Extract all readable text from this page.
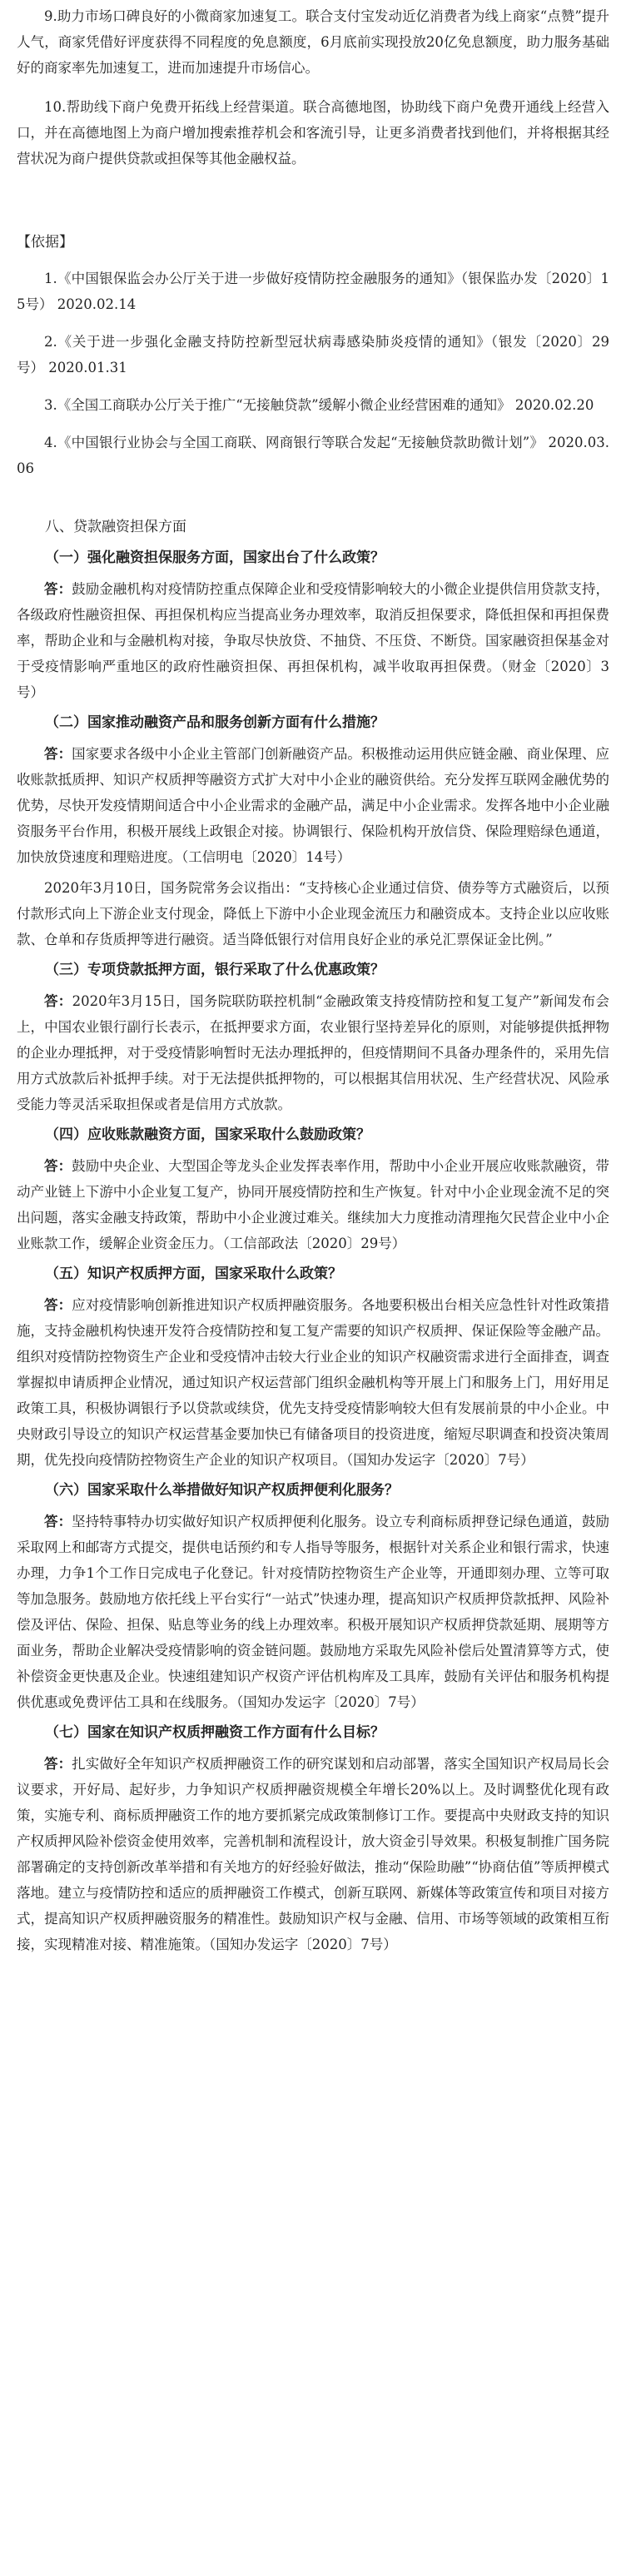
9.助力市场口碑良好的小微商家加速复工。联合支付宝发动近亿消费者为线上商家“点赞”提升人气，商家凭借好评度获得不同程度的免息额度，6月底前实现投放20亿免息额度，助力服务基础好的商家率先加速复工，进而加速提升市场信心。

10.帮助线下商户免费开拓线上经营渠道。联合高德地图，协助线下商户免费开通线上经营入口，并在高德地图上为商户增加搜索推荐机会和客流引导，让更多消费者找到他们，并将根据其经营状况为商户提供贷款或担保等其他金融权益。

【依据】

1.《中国银保监会办公厅关于进一步做好疫情防控金融服务的通知》（银保监办发〔2020〕15号） 2020.02.14

2.《关于进一步强化金融支持防控新型冠状病毒感染肺炎疫情的通知》（银发〔2020〕29号） 2020.01.31

3.《全国工商联办公厅关于推广“无接触贷款”缓解小微企业经营困难的通知》 2020.02.20

4.《中国银行业协会与全国工商联、网商银行等联合发起“无接触贷款助微计划”》 2020.03.06

八、贷款融资担保方面
（一）强化融资担保服务方面，国家出台了什么政策？

答：鼓励金融机构对疫情防控重点保障企业和受疫情影响较大的小微企业提供信用贷款支持，各级政府性融资担保、再担保机构应当提高业务办理效率，取消反担保要求，降低担保和再担保费率，帮助企业和与金融机构对接，争取尽快放贷、不抽贷、不压贷、不断贷。国家融资担保基金对于受疫情影响严重地区的政府性融资担保、再担保机构，减半收取再担保费。（财金〔2020〕3号）

（二）国家推动融资产品和服务创新方面有什么措施？

答：国家要求各级中小企业主管部门创新融资产品。积极推动运用供应链金融、商业保理、应收账款抵质押、知识产权质押等融资方式扩大对中小企业的融资供给。充分发挥互联网金融优势的优势，尽快开发疫情期间适合中小企业需求的金融产品，满足中小企业需求。发挥各地中小企业融资服务平台作用，积极开展线上政银企对接。协调银行、保险机构开放信贷、保险理赔绿色通道，加快放贷速度和理赔进度。（工信明电〔2020〕14号）

2020年3月10日，国务院常务会议指出：“支持核心企业通过信贷、债券等方式融资后，以预付款形式向上下游企业支付现金，降低上下游中小企业现金流压力和融资成本。支持企业以应收账款、仓单和存货质押等进行融资。适当降低银行对信用良好企业的承兑汇票保证金比例。”

（三）专项贷款抵押方面，银行采取了什么优惠政策？

答：2020年3月15日，国务院联防联控机制“金融政策支持疫情防控和复工复产”新闻发布会上，中国农业银行副行长表示，在抵押要求方面，农业银行坚持差异化的原则，对能够提供抵押物的企业办理抵押，对于受疫情影响暂时无法办理抵押的，但疫情期间不具备办理条件的，采用先信用方式放款后补抵押手续。对于无法提供抵押物的，可以根据其信用状况、生产经营状况、风险承受能力等灵活采取担保或者是信用方式放款。

（四）应收账款融资方面，国家采取什么鼓励政策？

答：鼓励中央企业、大型国企等龙头企业发挥表率作用，帮助中小企业开展应收账款融资，带动产业链上下游中小企业复工复产，协同开展疫情防控和生产恢复。针对中小企业现金流不足的突出问题，落实金融支持政策，帮助中小企业渡过难关。继续加大力度推动清理拖欠民营企业中小企业账款工作，缓解企业资金压力。（工信部政法〔2020〕29号）

（五）知识产权质押方面，国家采取什么政策？

答：应对疫情影响创新推进知识产权质押融资服务。各地要积极出台相关应急性针对性政策措施，支持金融机构快速开发符合疫情防控和复工复产需要的知识产权质押、保证保险等金融产品。组织对疫情防控物资生产企业和受疫情冲击较大行业企业的知识产权融资需求进行全面排查，调查掌握拟申请质押企业情况，通过知识产权运营部门组织金融机构等开展上门和服务上门，用好用足政策工具，积极协调银行予以贷款或续贷，优先支持受疫情影响较大但有发展前景的中小企业。中央财政引导设立的知识产权运营基金要加快已有储备项目的投资进度，缩短尽职调查和投资决策周期，优先投向疫情防控物资生产企业的知识产权项目。（国知办发运字〔2020〕7号）

（六）国家采取什么举措做好知识产权质押便利化服务？

答：坚持特事特办切实做好知识产权质押便利化服务。设立专利商标质押登记绿色通道，鼓励采取网上和邮寄方式提交，提供电话预约和专人指导等服务，根据针对关系企业和银行需求，快速办理，力争1个工作日完成电子化登记。针对疫情防控物资生产企业等，开通即刻办理、立等可取等加急服务。鼓励地方依托线上平台实行“一站式”快速办理，提高知识产权质押贷款抵押、风险补偿及评估、保险、担保、贴息等业务的线上办理效率。积极开展知识产权质押贷款延期、展期等方面业务，帮助企业解决受疫情影响的资金链问题。鼓励地方采取先风险补偿后处置清算等方式，使补偿资金更快惠及企业。快速组建知识产权资产评估机构库及工具库，鼓励有关评估和服务机构提供优惠或免费评估工具和在线服务。（国知办发运字〔2020〕7号）

（七）国家在知识产权质押融资工作方面有什么目标？

答：扎实做好全年知识产权质押融资工作的研究谋划和启动部署，落实全国知识产权局局长会议要求，开好局、起好步，力争知识产权质押融资规模全年增长20%以上。及时调整优化现有政策，实施专利、商标质押融资工作的地方要抓紧完成政策制修订工作。要提高中央财政支持的知识产权质押风险补偿资金使用效率，完善机制和流程设计，放大资金引导效果。积极复制推广国务院部署确定的支持创新改革举措和有关地方的好经验好做法，推动“保险助融”“协商估值”等质押模式落地。建立与疫情防控和适应的质押融资工作模式，创新互联网、新媒体等政策宣传和项目对接方式，提高知识产权质押融资服务的精准性。鼓励知识产权与金融、信用、市场等领域的政策相互衔接，实现精准对接、精准施策。（国知办发运字〔2020〕7号）
